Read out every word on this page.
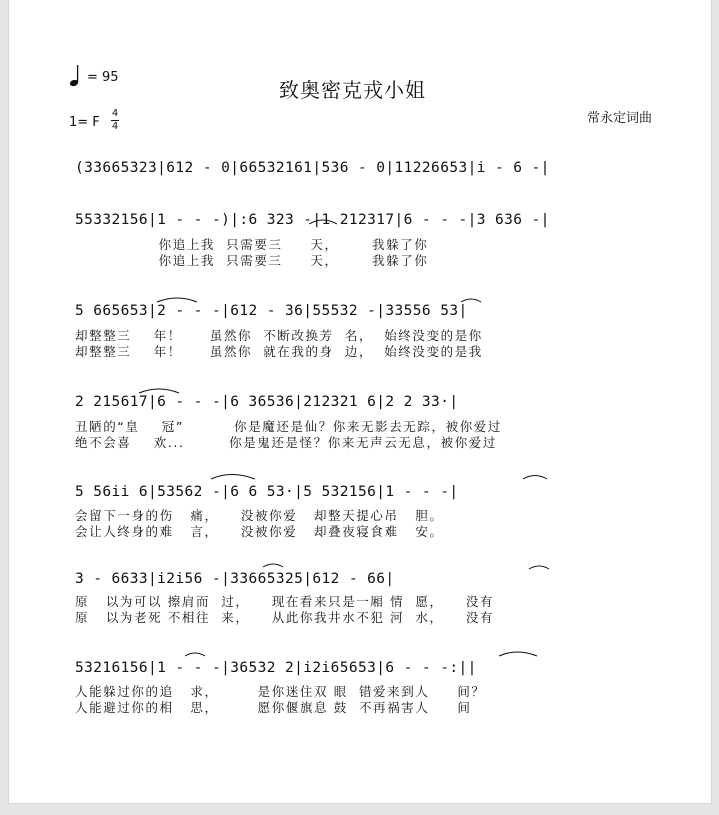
= 95
致奥密克戎小姐
1= F
4
4
常永定词曲
(33665323|612 - 0|66532161|536 - 0|11226653|i - 6 -|
55332156|1 - - -)|:6 323 -|1 212317|6 - - -|3 636 -|
你追上我  只需要三     天，      我躲了你
你追上我  只需要三     天，      我躲了你
5 665653|2 - - -|612 - 36|55532 -|33556 53|
却整整三    年！     虽然你  不断改换芳  名，  始终没变的是你
却整整三    年！     虽然你  就在我的身  边，  始终没变的是我
2 215617|6 - - -|6 36536|212321 6|2 2 33·|
丑陋的“皇    冠”         你是魔还是仙？你来无影去无踪，被你爱过
绝不会喜    欢...        你是鬼还是怪？你来无声云无息，被你爱过
5 56ii 6|53562 -|6 6 53·|5 532156|1 - - -|
会留下一身的伤   痛，    没被你爱   却整天提心吊   胆。
会让人终身的难   言，    没被你爱   却叠夜寝食难   安。
3 - 6633|i2i56 -|33665325|612 - 66|
原   以为可以 擦肩而  过，    现在看来只是一厢 情  愿，    没有
原   以为老死 不相往  来，    从此你我井水不犯 河  水，    没有
53216156|1 - - -|36532 2|i2i65653|6 - - -:||
人能躲过你的追   求，       是你迷住双 眼  错爱来到人     间？
人能避过你的相   思，       愿你偃旗息 鼓  不再祸害人     间
